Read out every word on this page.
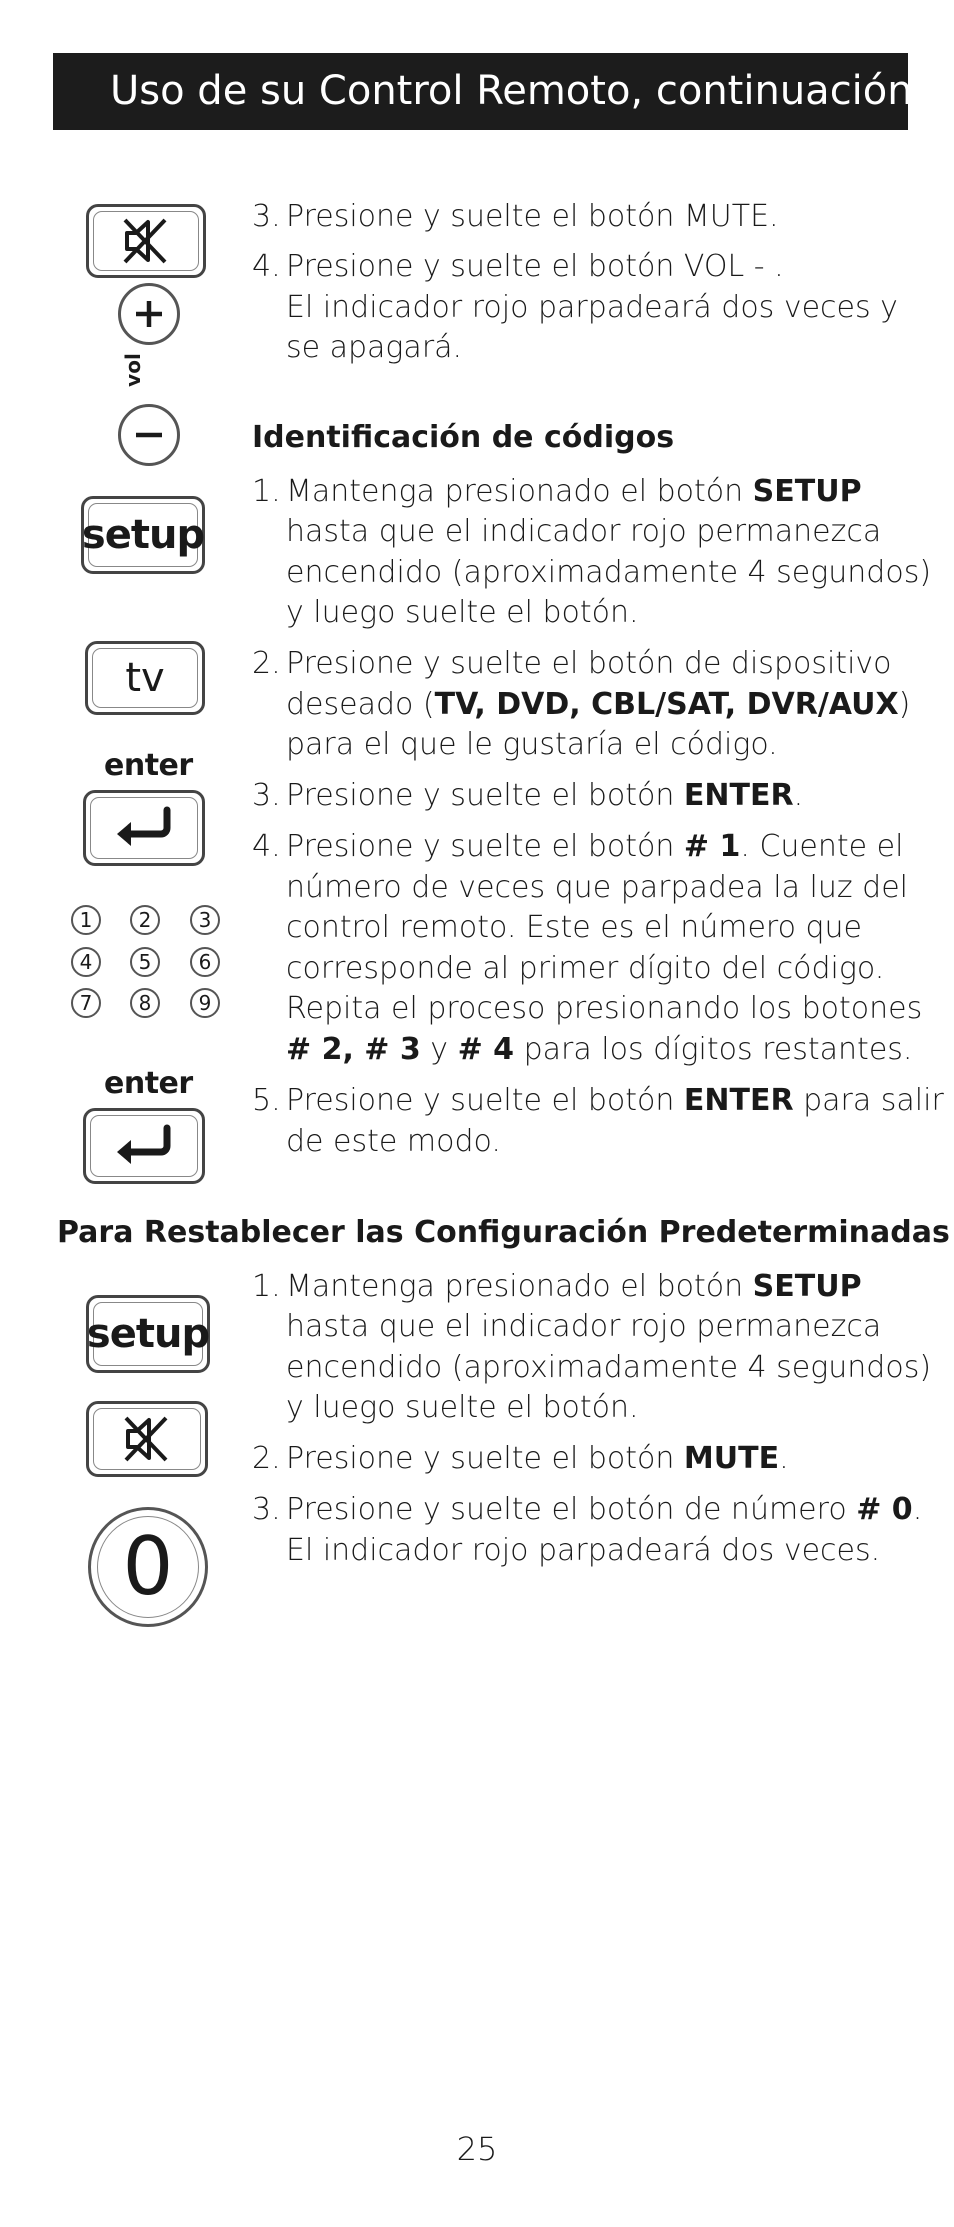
Uso de su Control Remoto, continuación
vol
setup
tv
enter
1	2	3
4	5	6
7	8	9
enter
setup
0
3. Presione y suelte el botón MUTE.
4. Presione y suelte el botón VOL - .
El indicador rojo parpadeará dos veces y
se apagará.
Identificación de códigos
1. Mantenga presionado el botón SETUP
hasta que el indicador rojo permanezca
encendido (aproximadamente 4 segundos)
y luego suelte el botón.
2. Presione y suelte el botón de dispositivo
deseado (TV, DVD, CBL/SAT, DVR/AUX)
para el que le gustaría el código.
3. Presione y suelte el botón ENTER.
4. Presione y suelte el botón # 1. Cuente el
número de veces que parpadea la luz del
control remoto. Este es el número que
corresponde al primer dígito del código.
Repita el proceso presionando los botones
# 2, # 3 y # 4 para los dígitos restantes.
5. Presione y suelte el botón ENTER para salir
de este modo.
Para Restablecer las Configuración Predeterminadas
1. Mantenga presionado el botón SETUP
hasta que el indicador rojo permanezca
encendido (aproximadamente 4 segundos)
y luego suelte el botón.
2. Presione y suelte el botón MUTE.
3. Presione y suelte el botón de número # 0.
El indicador rojo parpadeará dos veces.
25
